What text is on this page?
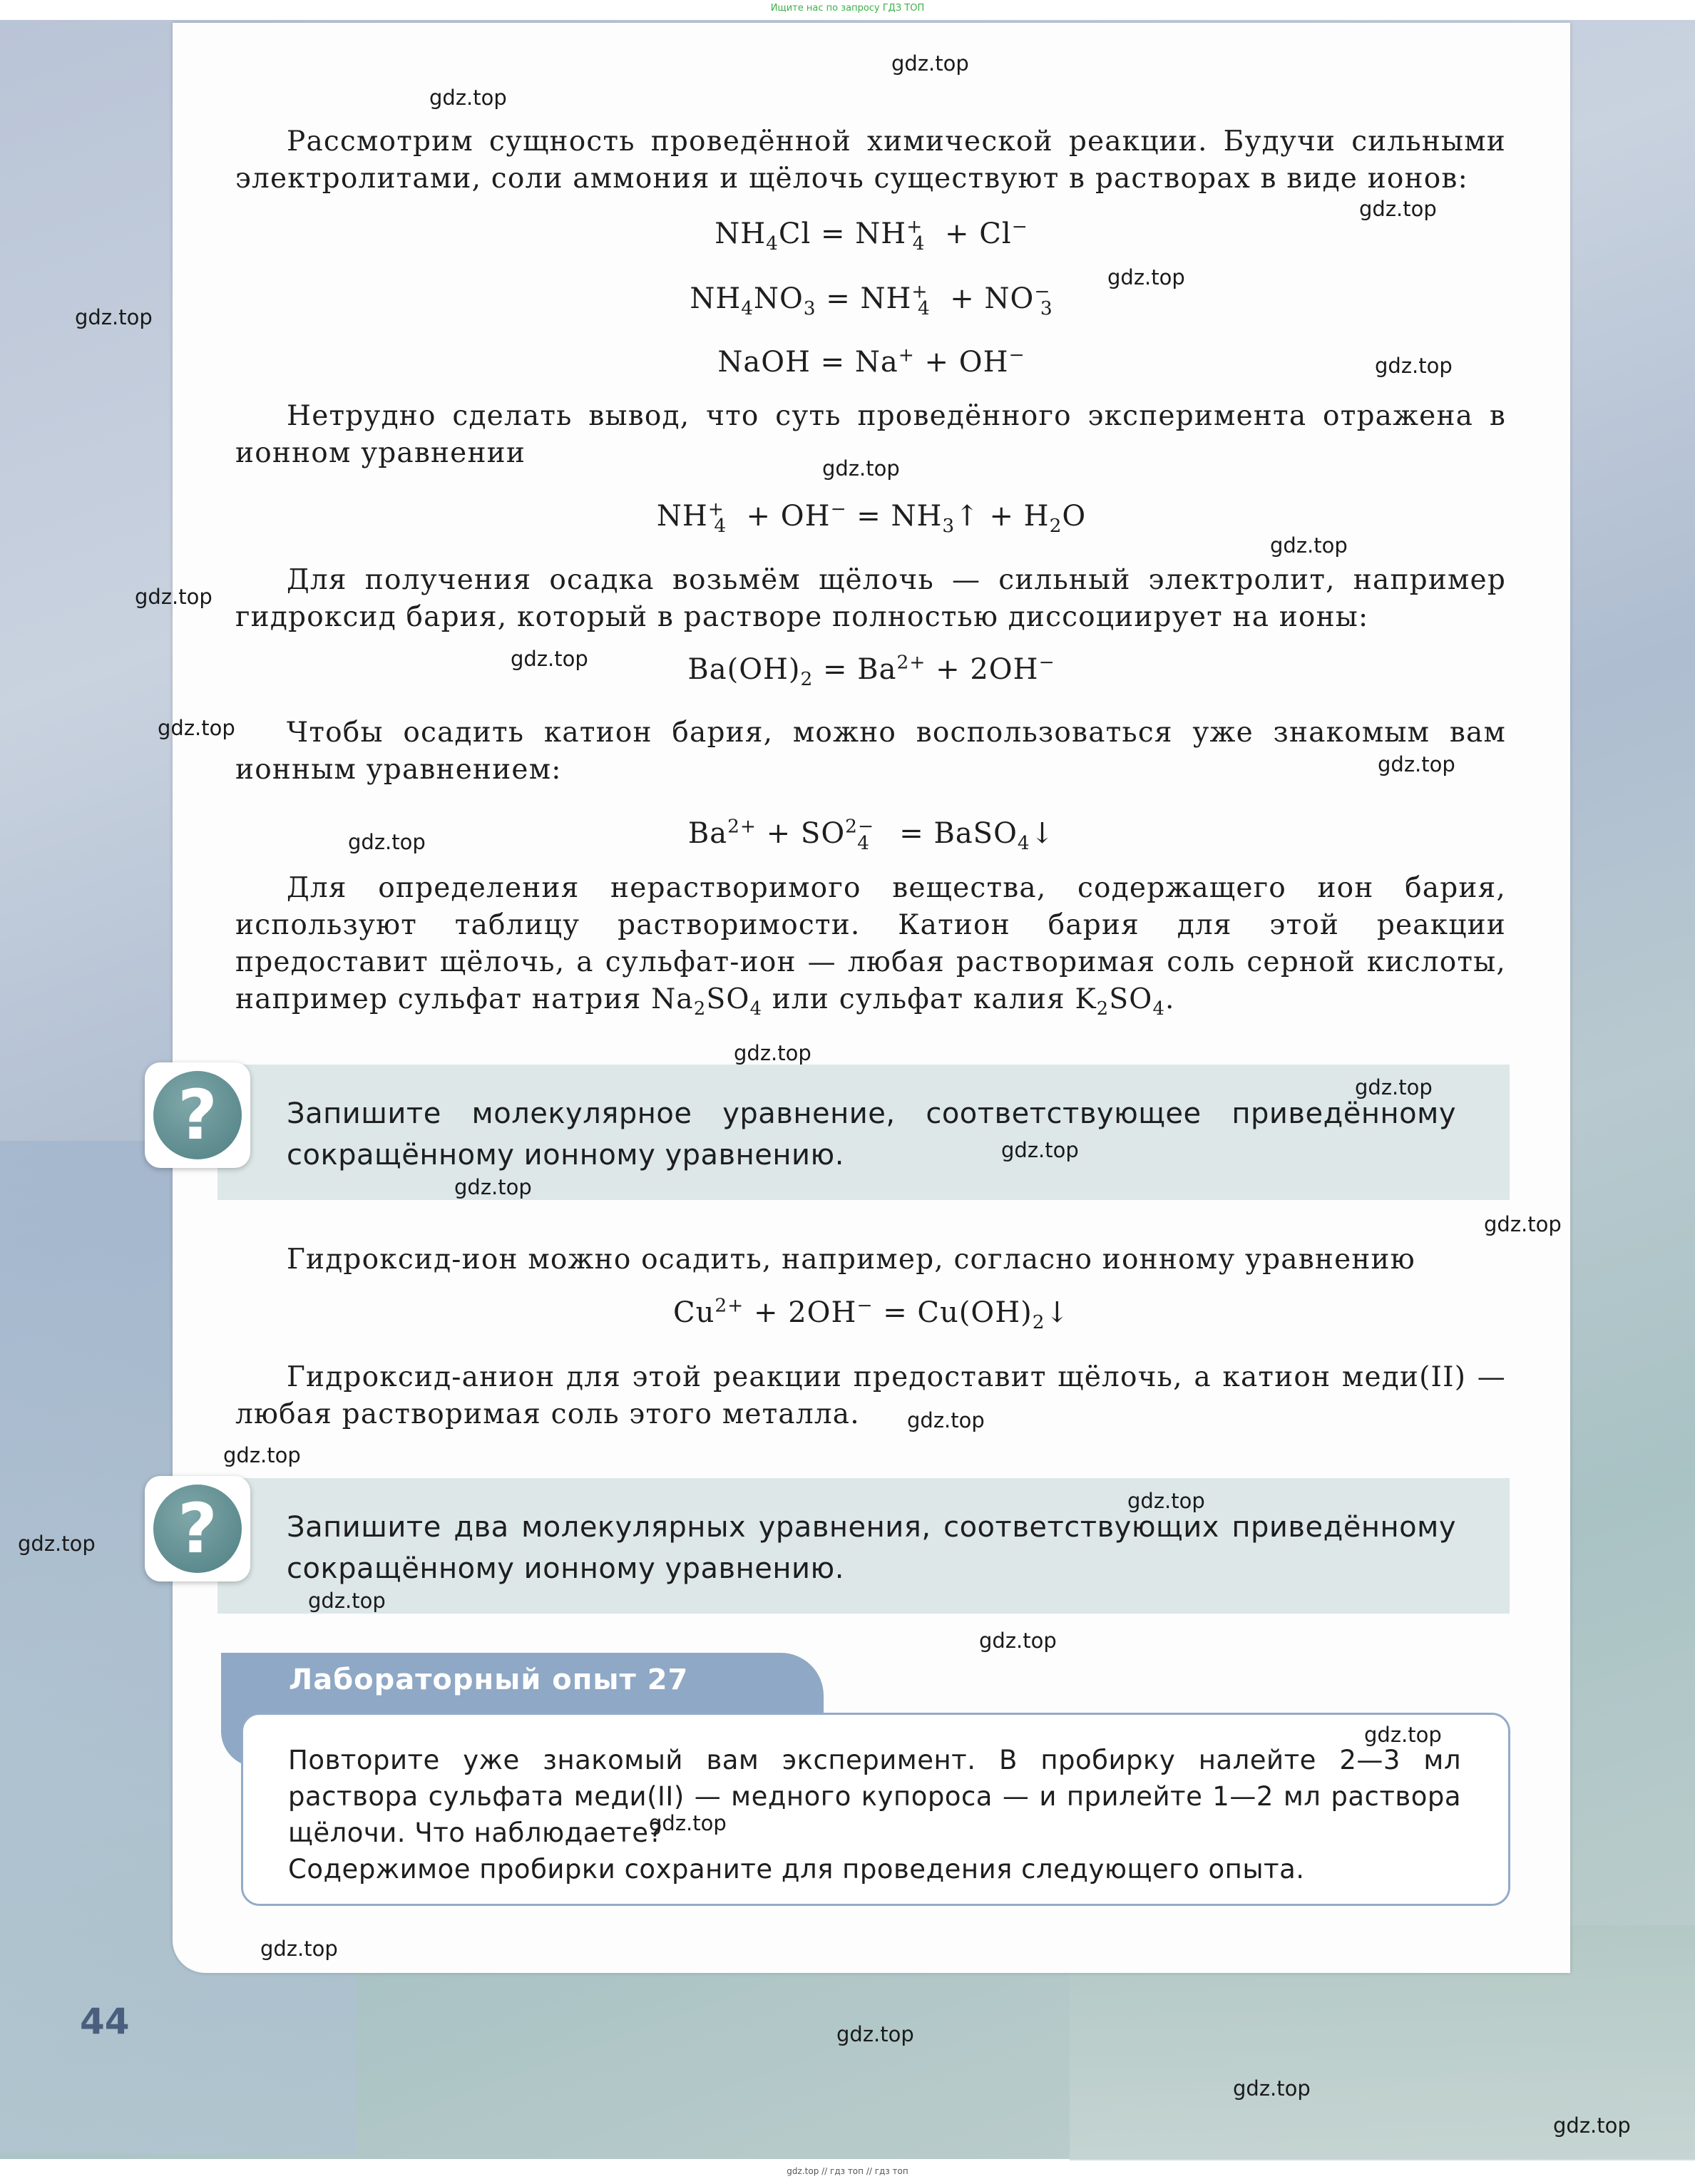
Ищите нас по запросу ГДЗ ТОП
Рассмотрим сущность проведённой химической реакции. Будучи сильными электролитами, соли аммония и щёлочь существуют в растворах в виде ионов:
$NH_4Cl = NH^+_4 + Cl^-$
$NH_4NO_3 = NH^+_4 + NO^-_3$
NaOH = Na+ + OH−
Нетрудно сделать вывод, что суть проведённого эксперимента отражена в ионном уравнении
$NH^+_4 + OH^-$ = $NH_3↑ + H_2O$
Для получения осадка возьмём щёлочь — сильный электролит, например гидроксид бария, который в растворе полностью диссоциирует на ионы:
$Ba(OH)_2 = Ba^{2+} + 2OH^-$
Чтобы осадить катион бария, можно воспользоваться уже знакомым вам ионным уравнением:
$Ba^{2+} + SO^{2-}_4$   = BaSO$_4$↓
Для определения нерастворимого вещества, содержащего ион бария, используют таблицу растворимости. Катион бария для этой реакции предоставит щёлочь, а сульфат-ион — любая растворимая соль серной кислоты, например сульфат натрия $Na_2SO_4$ или сульфат калия $K_2SO_4$.
?	Запишите молекулярное уравнение, соответствующее приведённому сокращённому ионному уравнению.
Гидроксид-ион можно осадить, например, согласно ионному уравнению
$Cu^{2+} + 2OH^-$ = $Cu(OH)_2↓$
Гидроксид-анион для этой реакции предоставит щёлочь, а катион меди(II) — любая растворимая соль этого металла.
?	Запишите два молекулярных уравнения, соответствующих приведённому сокращённому ионному уравнению.
Лабораторный опыт 27
Повторите уже знакомый вам эксперимент. В пробирку налейте 2—3 мл раствора сульфата меди(II) — медного купороса — и прилейте 1—2 мл раствора щёлочи. Что наблюдаете?
Содержимое пробирки сохраните для проведения следующего опыта.
44
gdz.top
gdz.top
gdz.top
gdz.top
gdz.top
gdz.top
gdz.top
gdz.top
gdz.top
gdz.top
gdz.top
gdz.top
gdz.top
gdz.top
gdz.top
gdz.top
gdz.top
gdz.top
gdz.top
gdz.top
gdz.top
gdz.top
gdz.top
gdz.top
gdz.top
gdz.top
gdz.top
gdz.top
gdz.top
gdz.top
gdz.top // гдз топ // гдз топ
